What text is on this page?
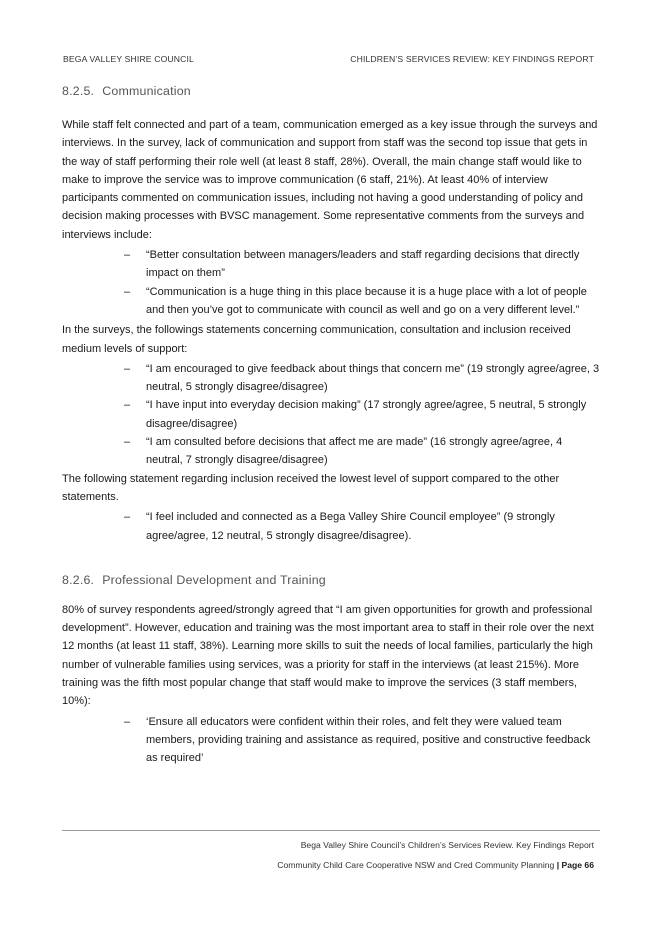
BEGA VALLEY SHIRE COUNCIL	CHILDREN’S SERVICES REVIEW: KEY FINDINGS REPORT
8.2.5. Communication

While staff felt connected and part of a team, communication emerged as a key issue through the surveys and interviews. In the survey, lack of communication and support from staff was the second top issue that gets in the way of staff performing their role well (at least 8 staff, 28%). Overall, the main change staff would like to make to improve the service was to improve communication (6 staff, 21%). At least 40% of interview participants commented on communication issues, including not having a good understanding of policy and decision making processes with BVSC management. Some representative comments from the surveys and interviews include:

– “Better consultation between managers/leaders and staff regarding decisions that directly impact on them”
– “Communication is a huge thing in this place because it is a huge place with a lot of people and then you’ve got to communicate with council as well and go on a very different level.”

In the surveys, the followings statements concerning communication, consultation and inclusion received medium levels of support:

– “I am encouraged to give feedback about things that concern me” (19 strongly agree/agree, 3 neutral, 5 strongly disagree/disagree)
– “I have input into everyday decision making” (17 strongly agree/agree, 5 neutral, 5 strongly disagree/disagree)
– “I am consulted before decisions that affect me are made” (16 strongly agree/agree, 4 neutral, 7 strongly disagree/disagree)

The following statement regarding inclusion received the lowest level of support compared to the other statements.

– “I feel included and connected as a Bega Valley Shire Council employee” (9 strongly agree/agree, 12 neutral, 5 strongly disagree/disagree).
8.2.6. Professional Development and Training

80% of survey respondents agreed/strongly agreed that “I am given opportunities for growth and professional development”. However, education and training was the most important area to staff in their role over the next 12 months (at least 11 staff, 38%). Learning more skills to suit the needs of local families, particularly the high number of vulnerable families using services, was a priority for staff in the interviews (at least 215%). More training was the fifth most popular change that staff would make to improve the services (3 staff members, 10%):

– ‘Ensure all educators were confident within their roles, and felt they were valued team members, providing training and assistance as required, positive and constructive feedback as required’
Bega Valley Shire Council’s Children’s Services Review. Key Findings Report
Community Child Care Cooperative NSW and Cred Community Planning | Page 66
